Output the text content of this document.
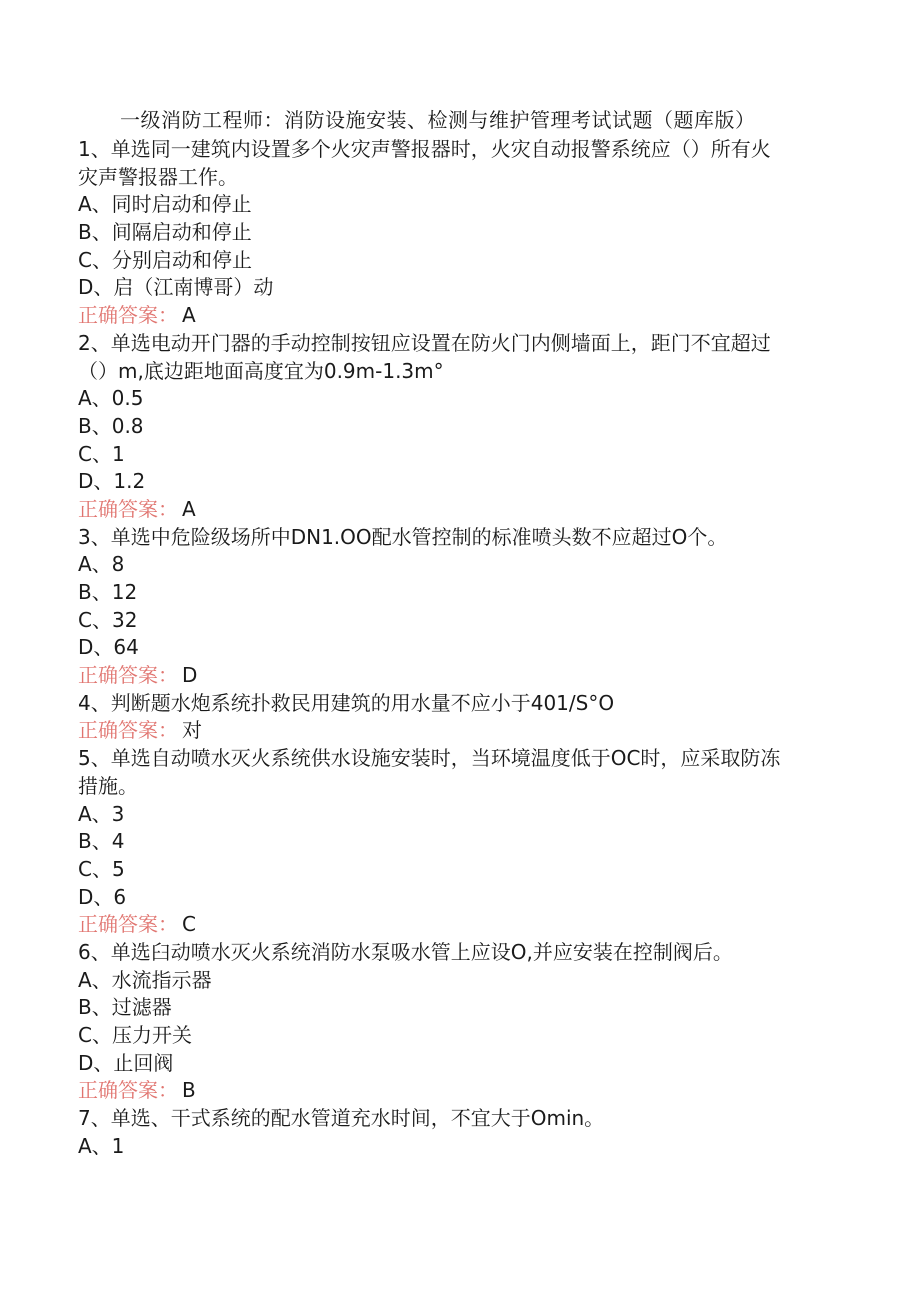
一级消防工程师：消防设施安装、检测与维护管理考试试题（题库版）
1、单选同一建筑内设置多个火灾声警报器时，火灾自动报警系统应（）所有火
灾声警报器工作。
A、同时启动和停止
B、间隔启动和停止
C、分别启动和停止
D、启（江南博哥）动
正确答案： A
2、单选电动开门器的手动控制按钮应设置在防火门内侧墙面上，距门不宜超过
（）m,底边距地面高度宜为0.9m-1.3m°
A、0.5
B、0.8
C、1
D、1.2
正确答案： A
3、单选中危险级场所中DN1.OO配水管控制的标准喷头数不应超过O个。
A、8
B、12
C、32
D、64
正确答案： D
4、判断题水炮系统扑救民用建筑的用水量不应小于401/S°O
正确答案： 对
5、单选自动喷水灭火系统供水设施安装时，当环境温度低于OC时，应采取防冻
措施。
A、3
B、4
C、5
D、6
正确答案： C
6、单选臼动喷水灭火系统消防水泵吸水管上应设O,并应安装在控制阀后。
A、水流指示器
B、过滤器
C、压力开关
D、止回阀
正确答案： B
7、单选、干式系统的配水管道充水时间，不宜大于Omin。
A、1
